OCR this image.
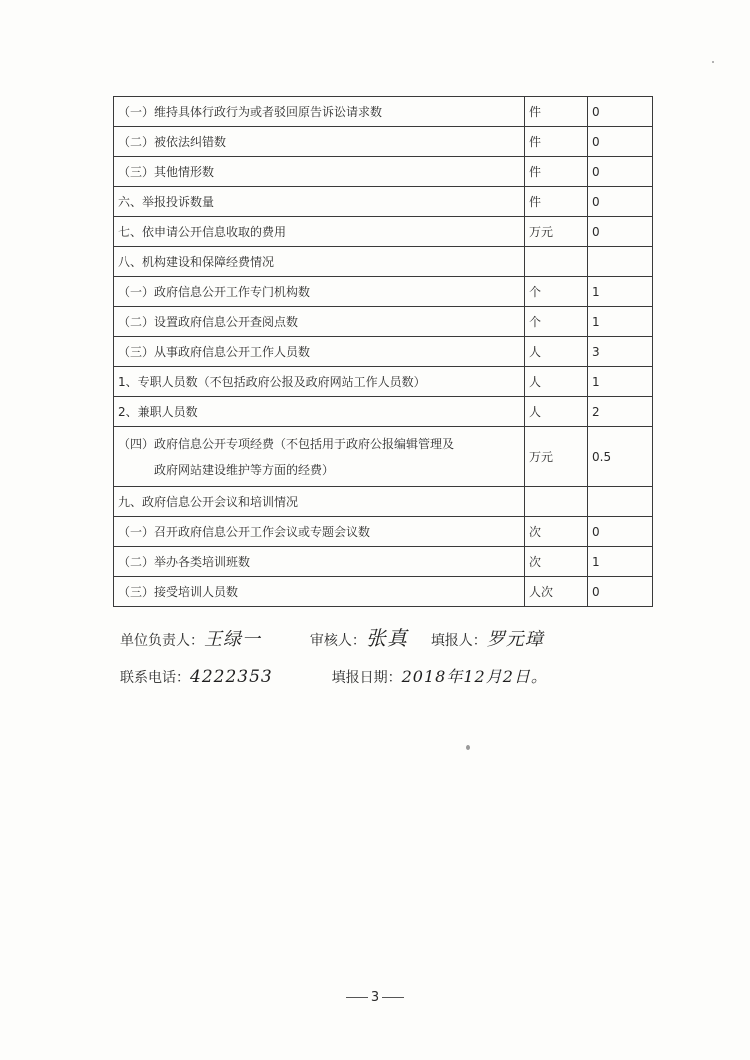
（一）维持具体行政行为或者驳回原告诉讼请求数	件	0
（二）被依法纠错数	件	0
（三）其他情形数	件	0
六、举报投诉数量	件	0
七、依申请公开信息收取的费用	万元	0
八、机构建设和保障经费情况		
（一）政府信息公开工作专门机构数	个	1
（二）设置政府信息公开查阅点数	个	1
（三）从事政府信息公开工作人员数	人	3
1、专职人员数（不包括政府公报及政府网站工作人员数）	人	1
2、兼职人员数	人	2
（四）政府信息公开专项经费（不包括用于政府公报编辑管理及
政府网站建设维护等方面的经费）	万元	0.5
九、政府信息公开会议和培训情况		
（一）召开政府信息公开工作会议或专题会议数	次	0
（二）举办各类培训班数	次	1
（三）接受培训人员数	人次	0
单位负责人：王绿一	审核人：张真 填报人：罗元璋
联系电话：4222353	填报日期：2018年12月2日。
3
